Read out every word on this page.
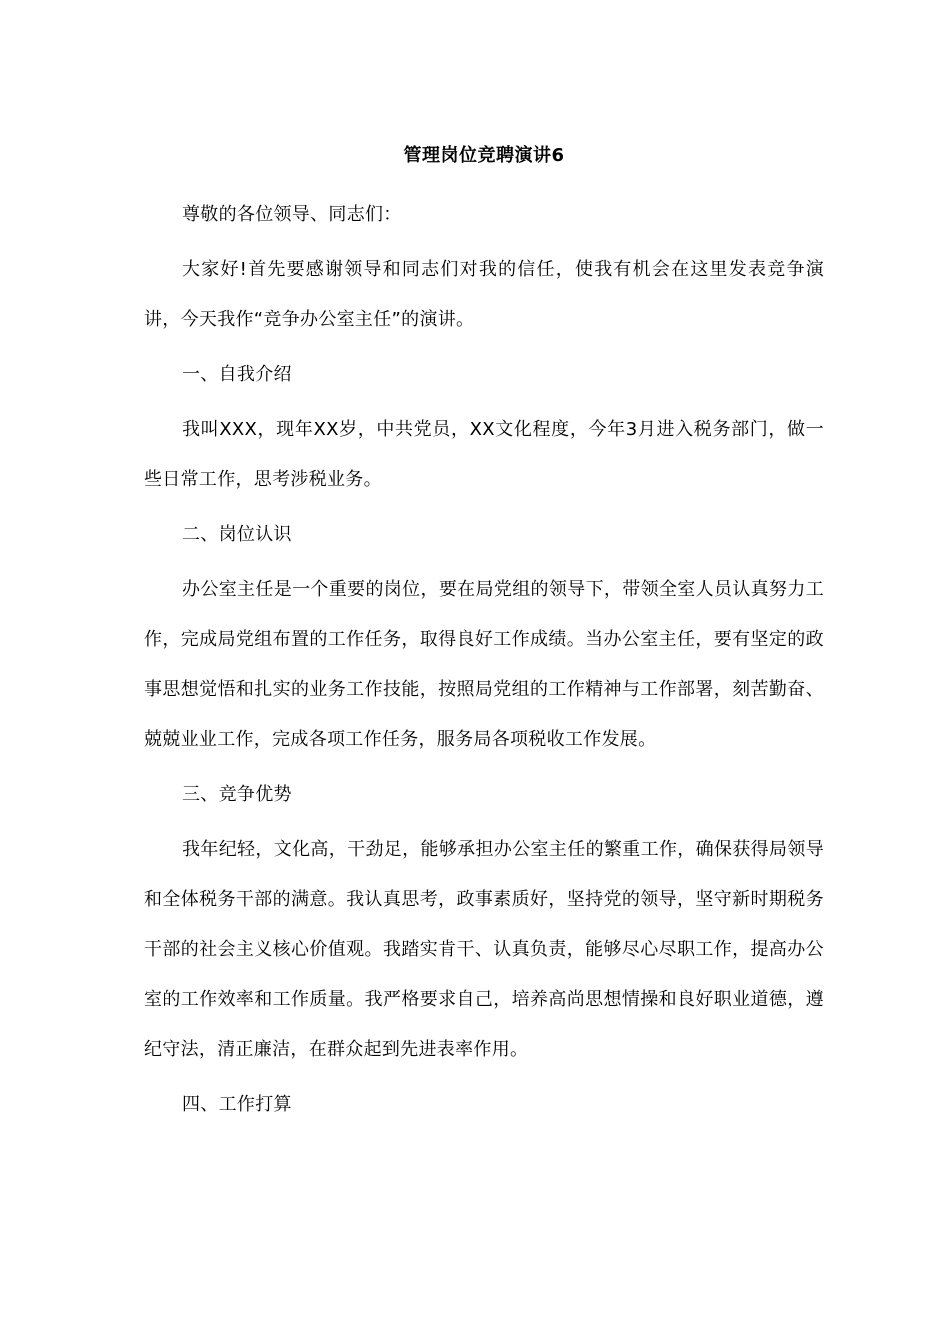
管理岗位竞聘演讲6

尊敬的各位领导、同志们：

大家好!首先要感谢领导和同志们对我的信任，使我有机会在这里发表竞争演讲，今天我作“竞争办公室主任”的演讲。

一、自我介绍

我叫XXX，现年XX岁，中共党员，XX文化程度，今年3月进入税务部门，做一些日常工作，思考涉税业务。

二、岗位认识

办公室主任是一个重要的岗位，要在局党组的领导下，带领全室人员认真努力工作，完成局党组布置的工作任务，取得良好工作成绩。当办公室主任，要有坚定的政事思想觉悟和扎实的业务工作技能，按照局党组的工作精神与工作部署，刻苦勤奋、兢兢业业工作，完成各项工作任务，服务局各项税收工作发展。

三、竞争优势

我年纪轻，文化高，干劲足，能够承担办公室主任的繁重工作，确保获得局领导和全体税务干部的满意。我认真思考，政事素质好，坚持党的领导，坚守新时期税务干部的社会主义核心价值观。我踏实肯干、认真负责，能够尽心尽职工作，提高办公室的工作效率和工作质量。我严格要求自己，培养高尚思想情操和良好职业道德，遵纪守法，清正廉洁，在群众起到先进表率作用。

四、工作打算
